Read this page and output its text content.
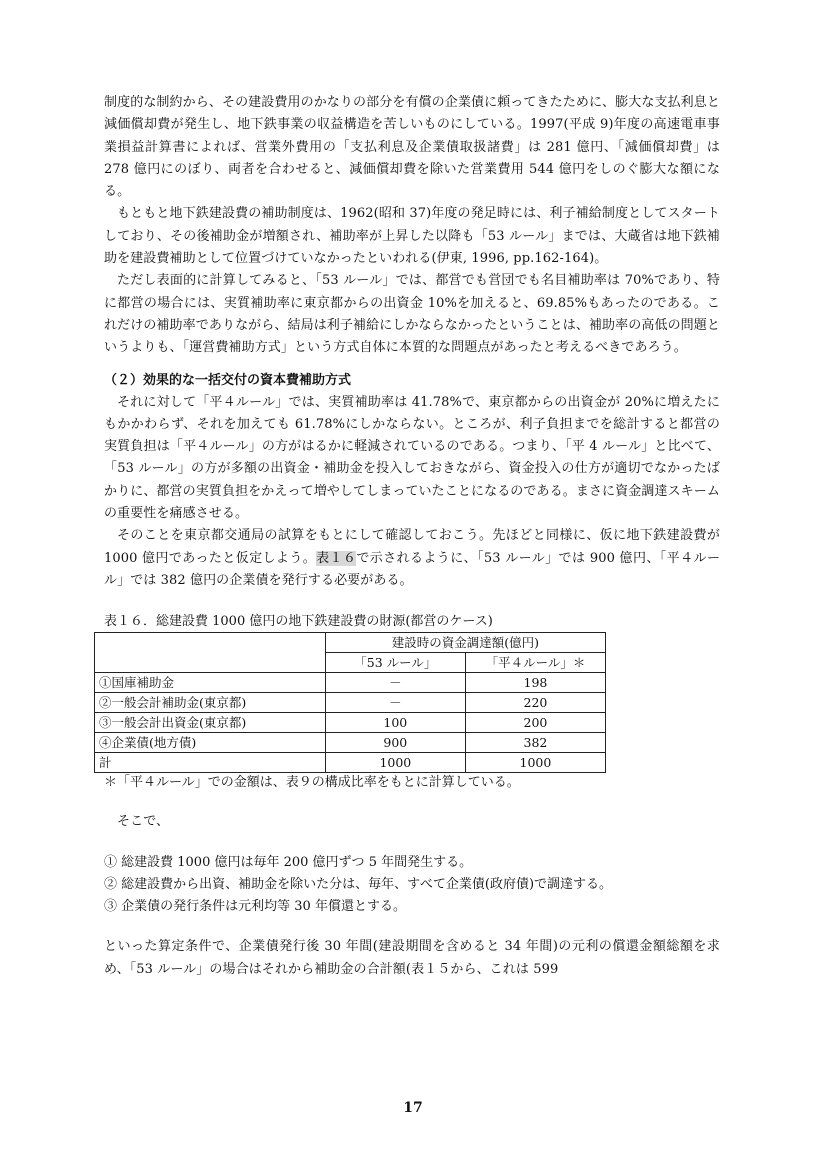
制度的な制約から、その建設費用のかなりの部分を有償の企業債に頼ってきたために、膨大な支払利息と減価償却費が発生し、地下鉄事業の収益構造を苦しいものにしている。1997(平成 9)年度の高速電車事業損益計算書によれば、営業外費用の「支払利息及企業債取扱諸費」は 281 億円、「減価償却費」は 278 億円にのぼり、両者を合わせると、減価償却費を除いた営業費用 544 億円をしのぐ膨大な額になる。

もともと地下鉄建設費の補助制度は、1962(昭和 37)年度の発足時には、利子補給制度としてスタートしており、その後補助金が増額され、補助率が上昇した以降も「53 ルール」までは、大蔵省は地下鉄補助を建設費補助として位置づけていなかったといわれる(伊東, 1996, pp.162-164)。

ただし表面的に計算してみると、「53 ルール」では、都営でも営団でも名目補助率は 70%であり、特に都営の場合には、実質補助率に東京都からの出資金 10%を加えると、69.85%もあったのである。これだけの補助率でありながら、結局は利子補給にしかならなかったということは、補助率の高低の問題というよりも、「運営費補助方式」という方式自体に本質的な問題点があったと考えるべきであろう。

（２）効果的な一括交付の資本費補助方式

それに対して「平４ルール」では、実質補助率は 41.78%で、東京都からの出資金が 20%に増えたにもかかわらず、それを加えても 61.78%にしかならない。ところが、利子負担までを総計すると都営の実質負担は「平４ルール」の方がはるかに軽減されているのである。つまり、「平 4 ルール」と比べて、「53 ルール」の方が多額の出資金・補助金を投入しておきながら、資金投入の仕方が適切でなかったばかりに、都営の実質負担をかえって増やしてしまっていたことになるのである。まさに資金調達スキームの重要性を痛感させる。

そのことを東京都交通局の試算をもとにして確認しておこう。先ほどと同様に、仮に地下鉄建設費が 1000 億円であったと仮定しよう。表１６で示されるように、「53 ルール」では 900 億円、「平４ルール」では 382 億円の企業債を発行する必要がある。

表１６．総建設費 1000 億円の地下鉄建設費の財源(都営のケース)

	建設時の資金調達額(億円)	
	「53 ルール」	「平４ルール」＊
①国庫補助金	－	198
②一般会計補助金(東京都)	－	220
③一般会計出資金(東京都)	100	200
④企業債(地方債)	900	382
計	1000	1000

＊「平４ルール」での金額は、表９の構成比率をもとに計算している。

そこで、

① 総建設費 1000 億円は毎年 200 億円ずつ 5 年間発生する。

② 総建設費から出資、補助金を除いた分は、毎年、すべて企業債(政府債)で調達する。

③ 企業債の発行条件は元利均等 30 年償還とする。

といった算定条件で、企業債発行後 30 年間(建設期間を含めると 34 年間)の元利の償還金額総額を求め、「53 ルール」の場合はそれから補助金の合計額(表１５から、これは 599

17
